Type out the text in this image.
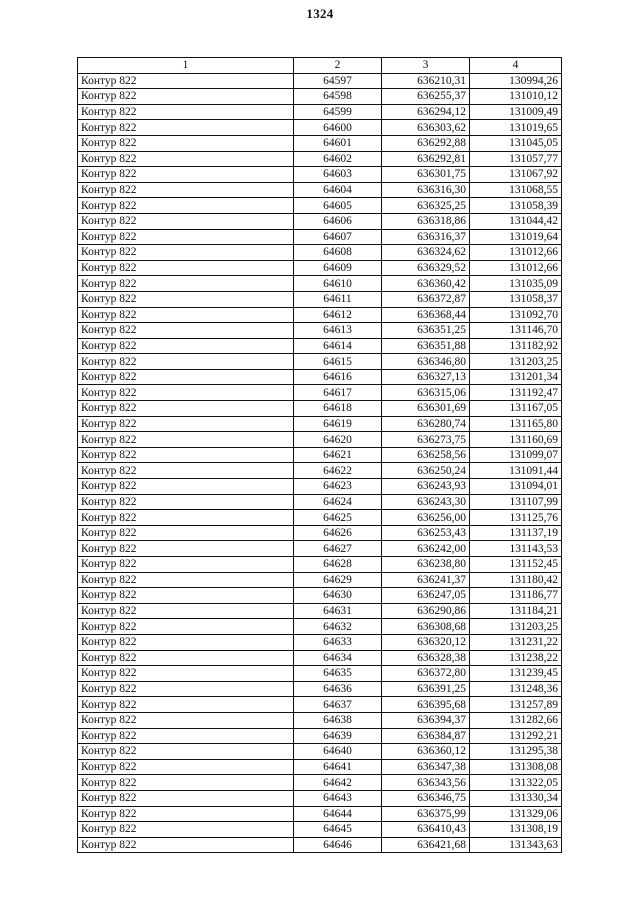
1324
1	2	3	4
Контур 822	64597	636210,31	130994,26
Контур 822	64598	636255,37	131010,12
Контур 822	64599	636294,12	131009,49
Контур 822	64600	636303,62	131019,65
Контур 822	64601	636292,88	131045,05
Контур 822	64602	636292,81	131057,77
Контур 822	64603	636301,75	131067,92
Контур 822	64604	636316,30	131068,55
Контур 822	64605	636325,25	131058,39
Контур 822	64606	636318,86	131044,42
Контур 822	64607	636316,37	131019,64
Контур 822	64608	636324,62	131012,66
Контур 822	64609	636329,52	131012,66
Контур 822	64610	636360,42	131035,09
Контур 822	64611	636372,87	131058,37
Контур 822	64612	636368,44	131092,70
Контур 822	64613	636351,25	131146,70
Контур 822	64614	636351,88	131182,92
Контур 822	64615	636346,80	131203,25
Контур 822	64616	636327,13	131201,34
Контур 822	64617	636315,06	131192,47
Контур 822	64618	636301,69	131167,05
Контур 822	64619	636280,74	131165,80
Контур 822	64620	636273,75	131160,69
Контур 822	64621	636258,56	131099,07
Контур 822	64622	636250,24	131091,44
Контур 822	64623	636243,93	131094,01
Контур 822	64624	636243,30	131107,99
Контур 822	64625	636256,00	131125,76
Контур 822	64626	636253,43	131137,19
Контур 822	64627	636242,00	131143,53
Контур 822	64628	636238,80	131152,45
Контур 822	64629	636241,37	131180,42
Контур 822	64630	636247,05	131186,77
Контур 822	64631	636290,86	131184,21
Контур 822	64632	636308,68	131203,25
Контур 822	64633	636320,12	131231,22
Контур 822	64634	636328,38	131238,22
Контур 822	64635	636372,80	131239,45
Контур 822	64636	636391,25	131248,36
Контур 822	64637	636395,68	131257,89
Контур 822	64638	636394,37	131282,66
Контур 822	64639	636384,87	131292,21
Контур 822	64640	636360,12	131295,38
Контур 822	64641	636347,38	131308,08
Контур 822	64642	636343,56	131322,05
Контур 822	64643	636346,75	131330,34
Контур 822	64644	636375,99	131329,06
Контур 822	64645	636410,43	131308,19
Контур 822	64646	636421,68	131343,63
